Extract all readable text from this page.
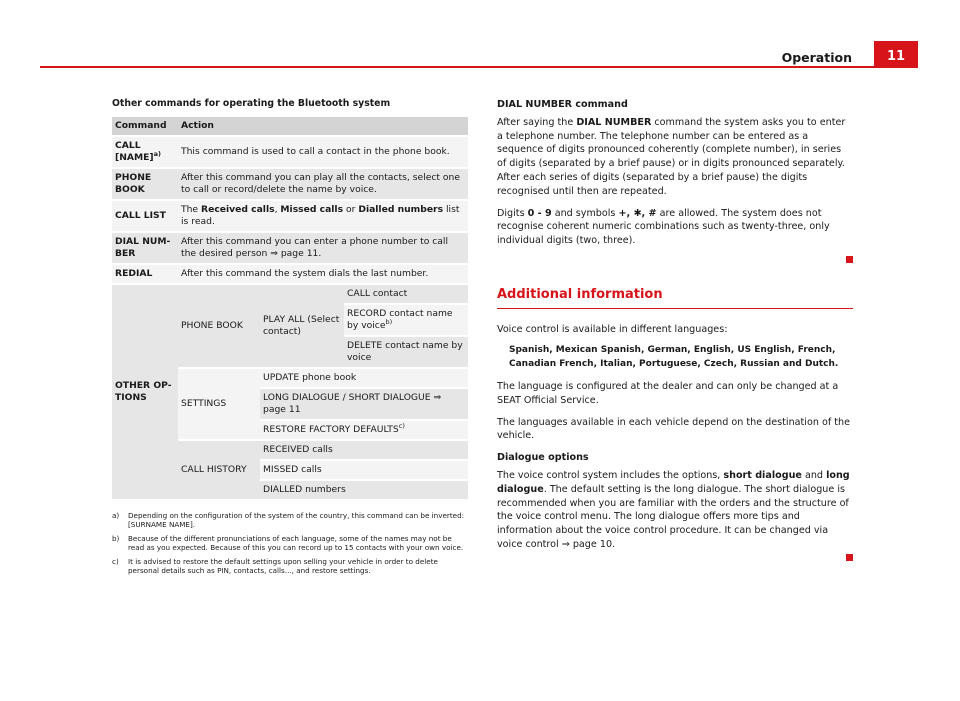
Operation	11
Other commands for operating the Bluetooth system
Command	Action		
CALL [NAME]$^{a)}$	This command is used to call a contact in the phone book.		
PHONE BOOK	After this command you can play all the contacts, select one to call or record/delete the name by voice.		
CALL LIST	The Received calls, Missed calls or Dialled numbers list is read.		
DIAL NUM-BER	After this command you can enter a phone number to call the desired person ⇒ page 11.		
REDIAL	After this command the system dials the last number.		
OTHER OP-TIONS	PHONE BOOK	PLAY ALL (Select contact)	CALL contact
			RECORD contact name by voice$^{b)}$
			DELETE contact name by voice
	SETTINGS	UPDATE phone book	
		LONG DIALOGUE / SHORT DIALOGUE ⇒ page 11	
		RESTORE FACTORY DEFAULTS$^{c)}$
	CALL HISTORY	RECEIVED calls	
		MISSED calls	
		DIALLED numbers	
a)	Depending on the configuration of the system of the country, this command can be inverted: [SURNAME NAME].
b)	Because of the different pronunciations of each language, some of the names may not be read as you expected. Because of this you can record up to 15 contacts with your own voice.
c)	It is advised to restore the default settings upon selling your vehicle in order to delete personal details such as PIN, contacts, calls..., and restore settings.
DIAL NUMBER command

After saying the DIAL NUMBER command the system asks you to enter a telephone number. The telephone number can be entered as a sequence of digits pronounced coherently (complete number), in series of digits (separated by a brief pause) or in digits pronounced separately. After each series of digits (separated by a brief pause) the digits recognised until then are repeated.

Digits 0 - 9 and symbols +, ✱, # are allowed. The system does not recognise coherent numeric combinations such as twenty-three, only individual digits (two, three).

Additional information

Voice control is available in different languages:

Spanish, Mexican Spanish, German, English, US English, French, Canadian French, Italian, Portuguese, Czech, Russian and Dutch.

The language is configured at the dealer and can only be changed at a SEAT Official Service.

The languages available in each vehicle depend on the destination of the vehicle.

Dialogue options

The voice control system includes the options, short dialogue and long dialogue. The default setting is the long dialogue. The short dialogue is recommended when you are familiar with the orders and the structure of the voice control menu. The long dialogue offers more tips and information about the voice control procedure. It can be changed via voice control ⇒ page 10.
